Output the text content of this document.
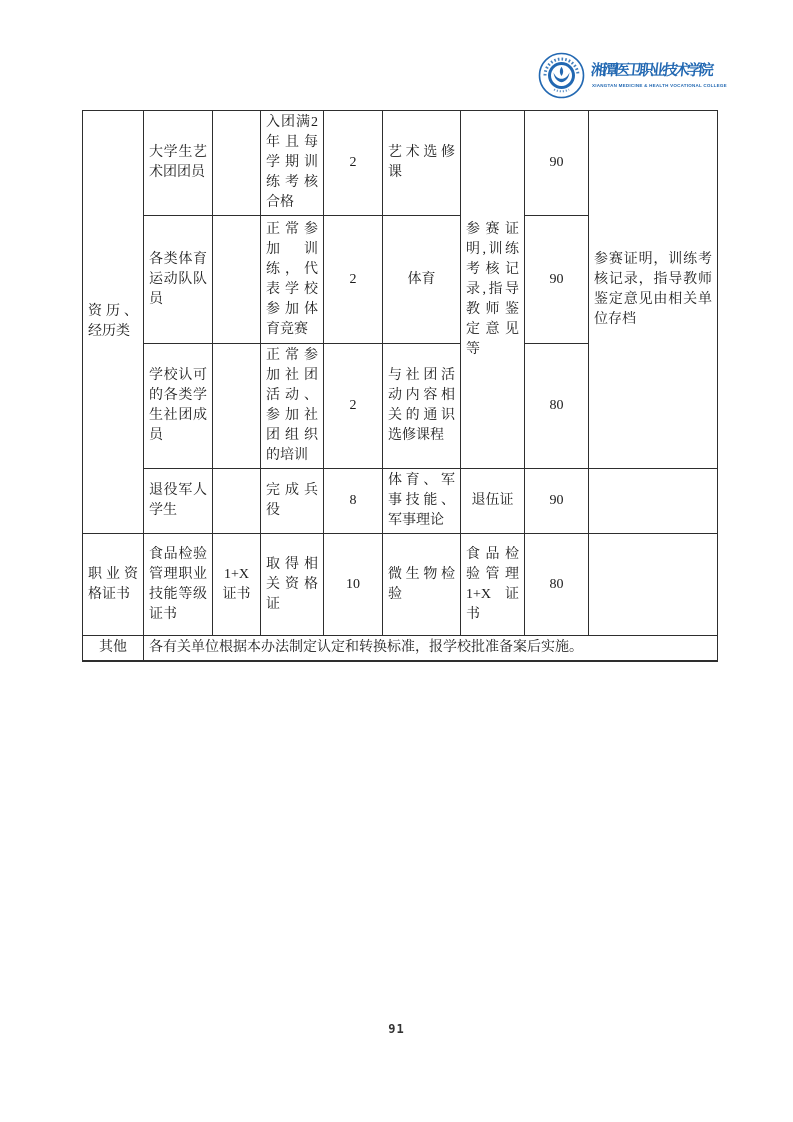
湘潭医卫职业技术学院
XIANGTAN MEDICINE & HEALTH VOCATIONAL COLLEGE
资历、经历类	大学生艺术团团员		入团满2年且每学期训练考核合格	2	艺术选修课	参赛证明,训练考核记录,指导教师鉴定意见等	90	参赛证明，训练考核记录，指导教师鉴定意见由相关单位存档
	各类体育运动队队员		正常参加训练，代表学校参加体育竞赛	2	体育		90	
	学校认可的各类学生社团成员		正常参加社团活动、参加社团组织的培训	2	与社团活动内容相关的通识选修课程		80	
	退役军人学生		完成兵役	8	体育、军事技能、军事理论	退伍证	90	
职业资格证书	食品检验管理职业技能等级证书	1+X 证书	取得相关资格证	10	微生物检验	食品检验管理1+X 证书	80	
其他	各有关单位根据本办法制定认定和转换标准，报学校批准备案后实施。							
91
